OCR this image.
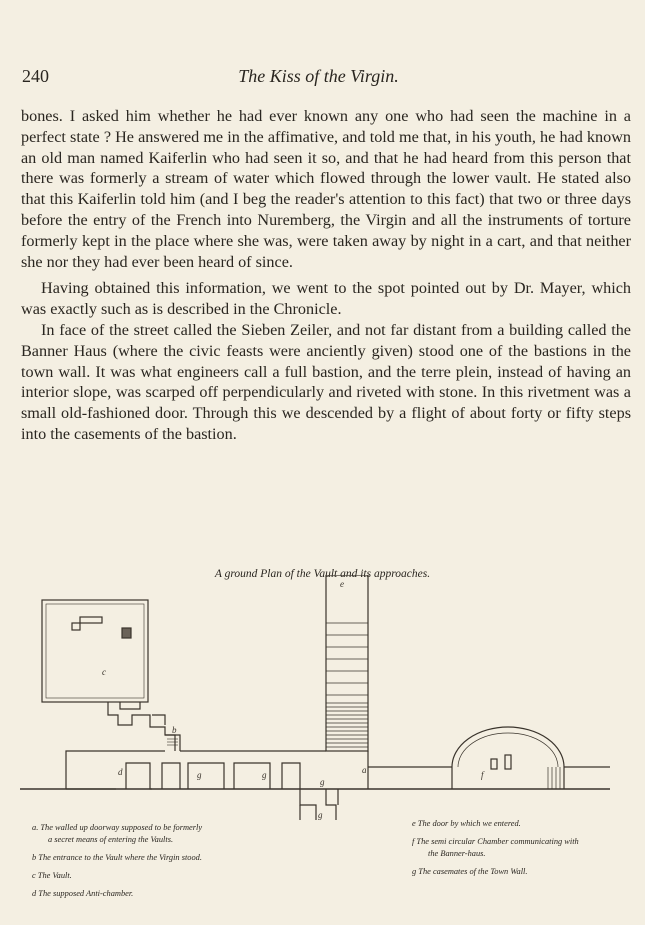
240	The Kiss of the Virgin.

bones. I asked him whether he had ever known any one who had seen the machine in a perfect state ? He answered me in the affimative, and told me that, in his youth, he had known an old man named Kaiferlin who had seen it so, and that he had heard from this person that there was formerly a stream of water which flowed through the lower vault. He stated also that this Kaiferlin told him (and I beg the reader's attention to this fact) that two or three days before the entry of the French into Nuremberg, the Virgin and all the instruments of torture formerly kept in the place where she was, were taken away by night in a cart, and that neither she nor they had ever been heard of since.

Having obtained this information, we went to the spot pointed out by Dr. Mayer, which was exactly such as is described in the Chronicle.

In face of the street called the Sieben Zeiler, and not far distant from a building called the Banner Haus (where the civic feasts were anciently given) stood one of the bastions in the town wall. It was what engineers call a full bastion, and the terre plein, instead of having an interior slope, was scarped off perpendicularly and riveted with stone. In this rivetment was a small old-fashioned door. Through this we descended by a flight of about forty or fifty steps into the casements of the bastion.

A ground Plan of the Vault and its approaches.
c
b
d	g	g	a
e
f
g
g
a. The walled up doorway supposed to be formerly
a secret means of entering the Vaults.
b The entrance to the Vault where the Virgin stood.
c The Vault.
d The supposed Anti-chamber.
e The door by which we entered.
f The semi circular Chamber communicating with
the Banner-haus.
g The casemates of the Town Wall.
